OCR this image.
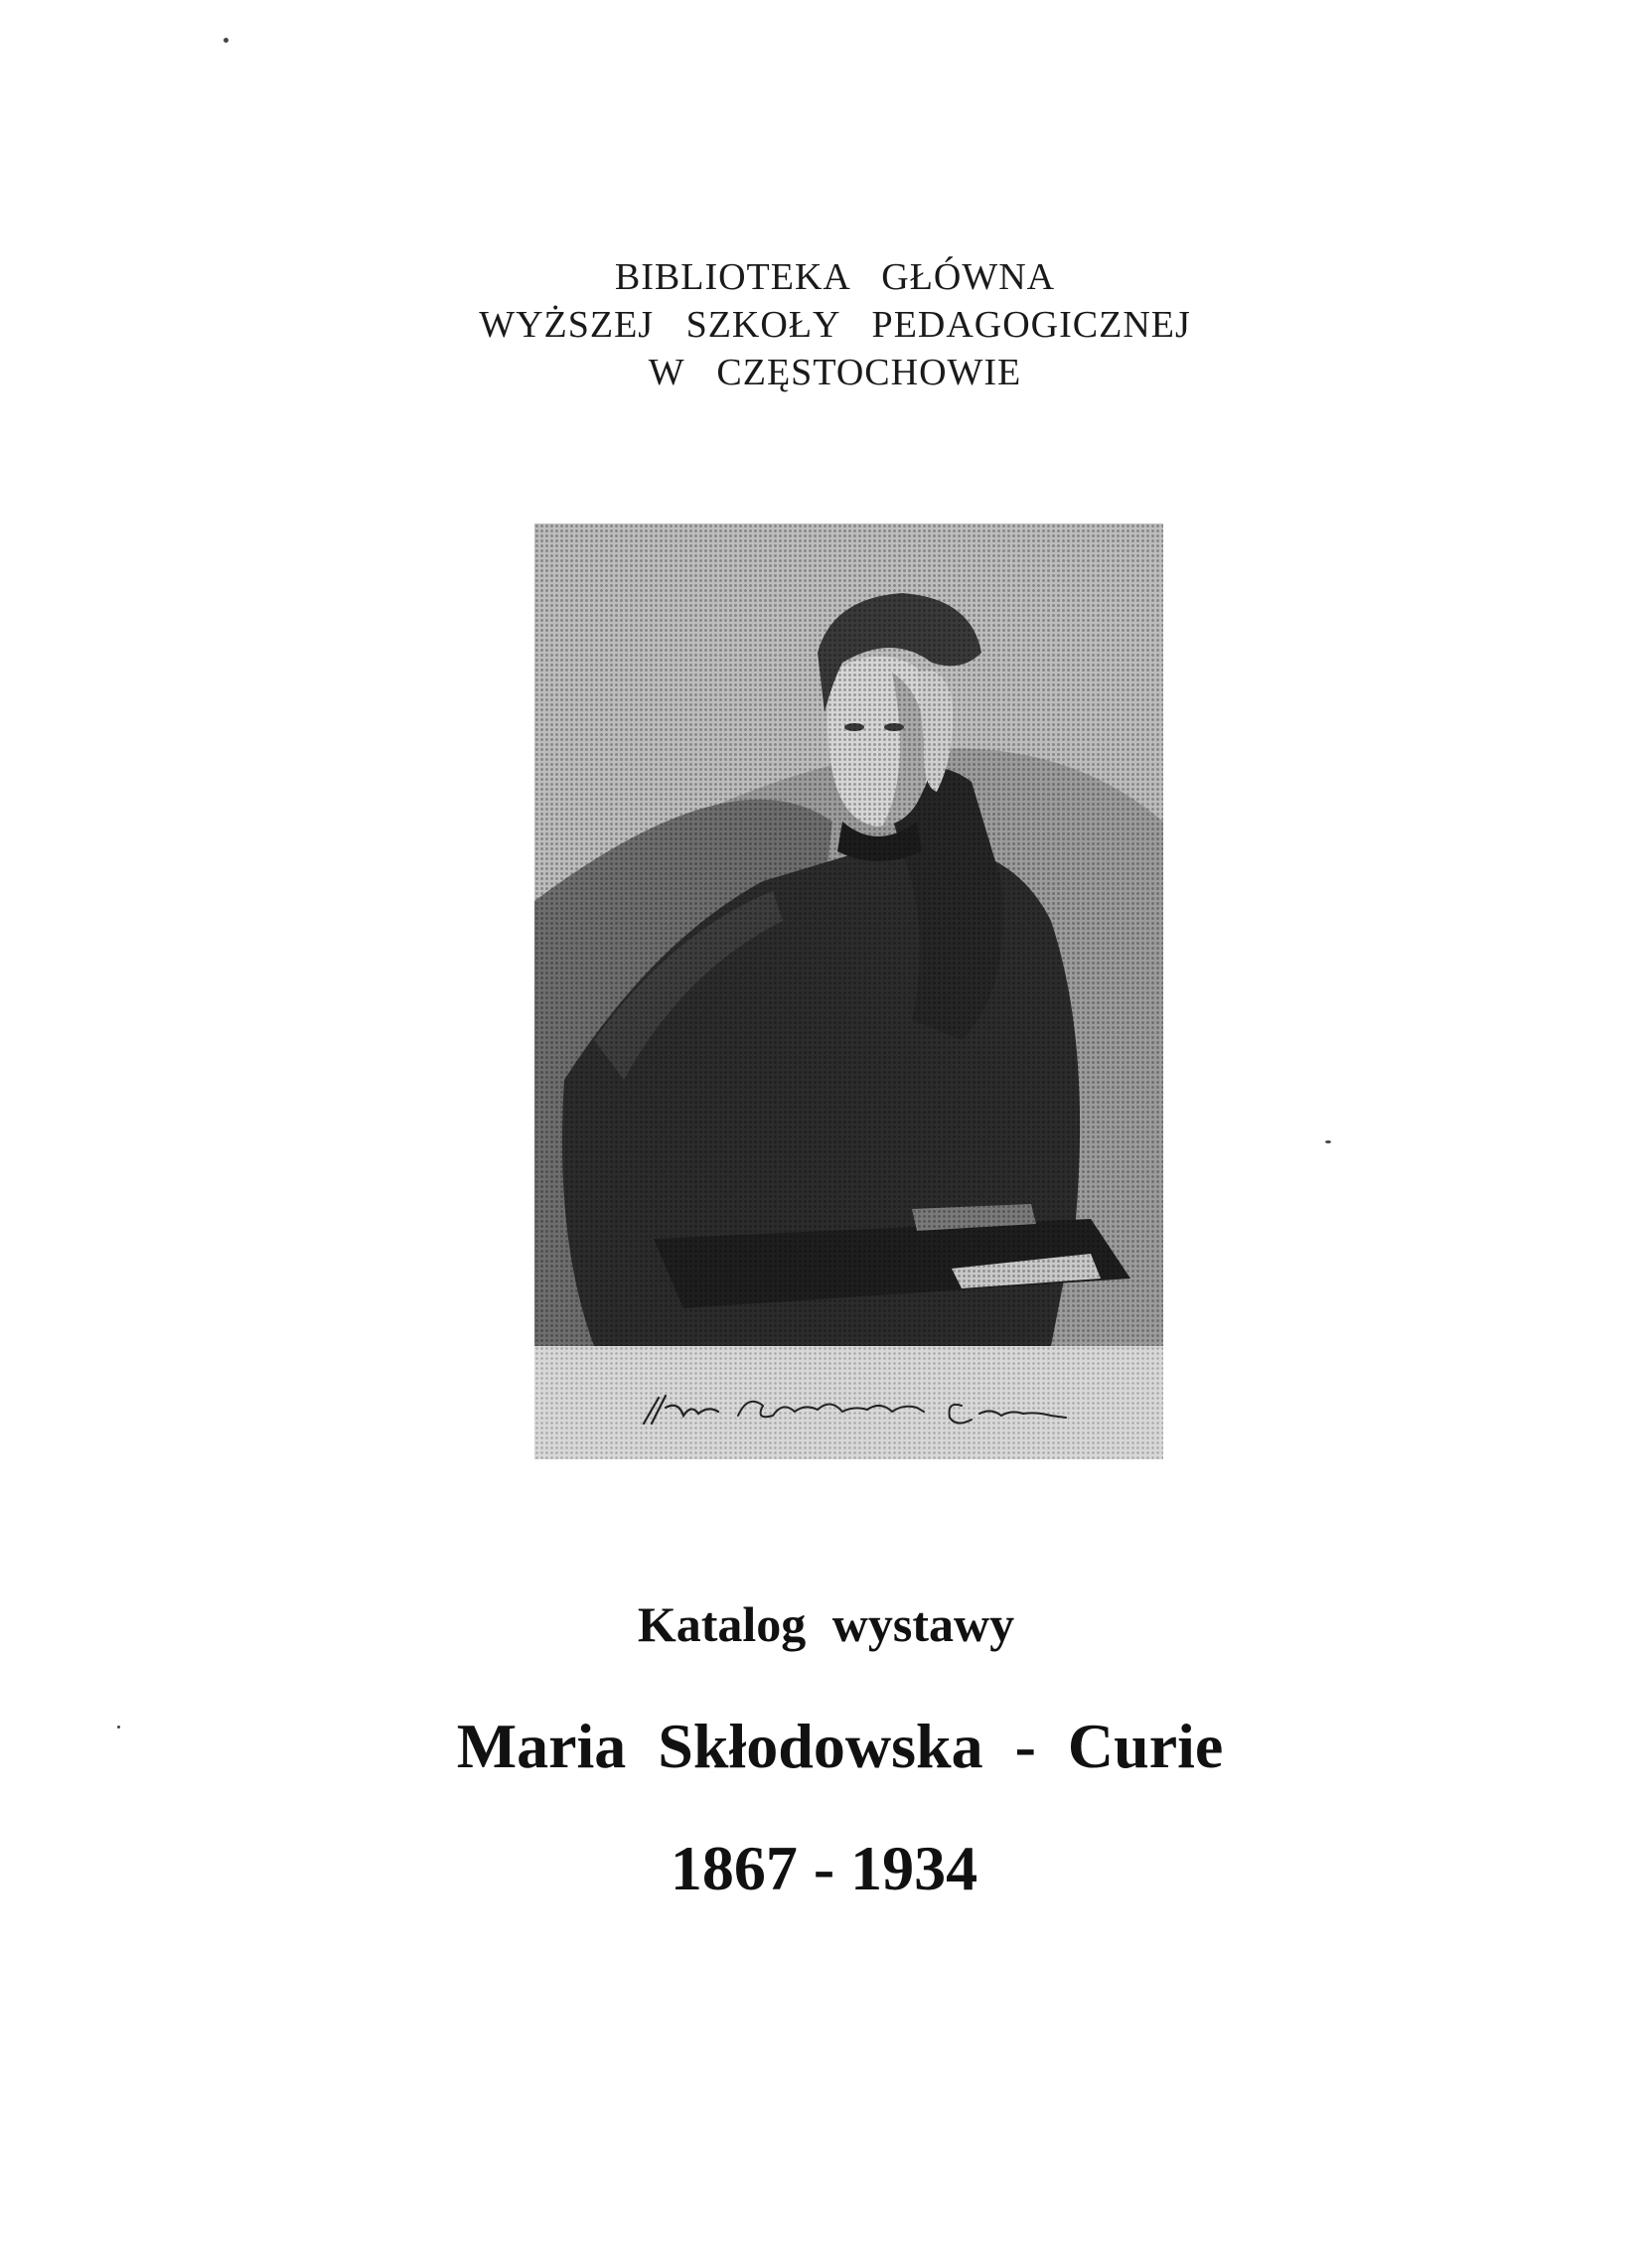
BIBLIOTEKA GŁÓWNA
WYŻSZEJ SZKOŁY PEDAGOGICZNEJ
W CZĘSTOCHOWIE
Katalog wystawy
Maria Skłodowska - Curie
1867 - 1934
